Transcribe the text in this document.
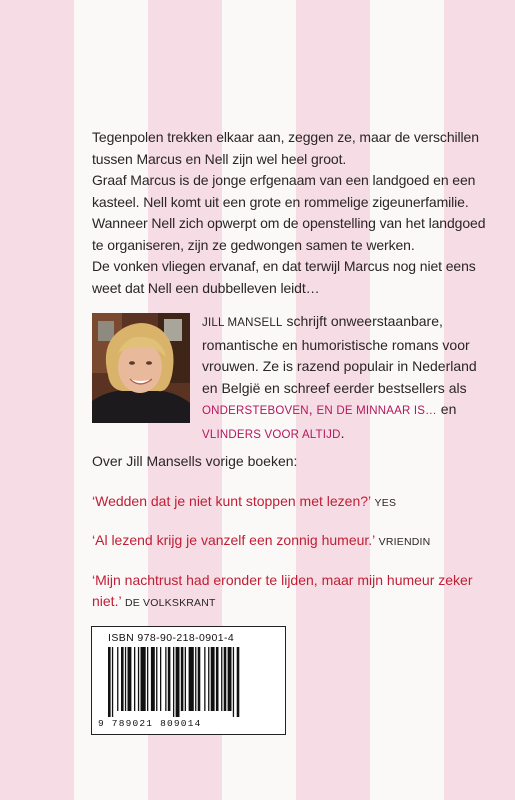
Tegenpolen trekken elkaar aan, zeggen ze, maar de verschillen tussen Marcus en Nell zijn wel heel groot.

Graaf Marcus is de jonge erfgenaam van een landgoed en een kasteel. Nell komt uit een grote en rommelige zigeunerfamilie. Wanneer Nell zich opwerpt om de openstelling van het landgoed te organiseren, zijn ze gedwongen samen te werken.

De vonken vliegen ervanaf, en dat terwijl Marcus nog niet eens weet dat Nell een dubbelleven leidt…

JILL MANSELL schrijft onweerstaanbare, romantische en humoristische romans voor vrouwen. Ze is razend populair in Nederland en België en schreef eerder bestsellers als ONDERSTEBOVEN, EN DE MINNAAR IS… en VLINDERS VOOR ALTIJD.
Over Jill Mansells vorige boeken:
‘Wedden dat je niet kunt stoppen met lezen?’ YES
‘Al lezend krijg je vanzelf een zonnig humeur.’ VRIENDIN
‘Mijn nachtrust had eronder te lijden, maar mijn humeur zeker niet.’ DE VOLKSKRANT
ISBN 978-90-218-0901-4
9 789021 809014
